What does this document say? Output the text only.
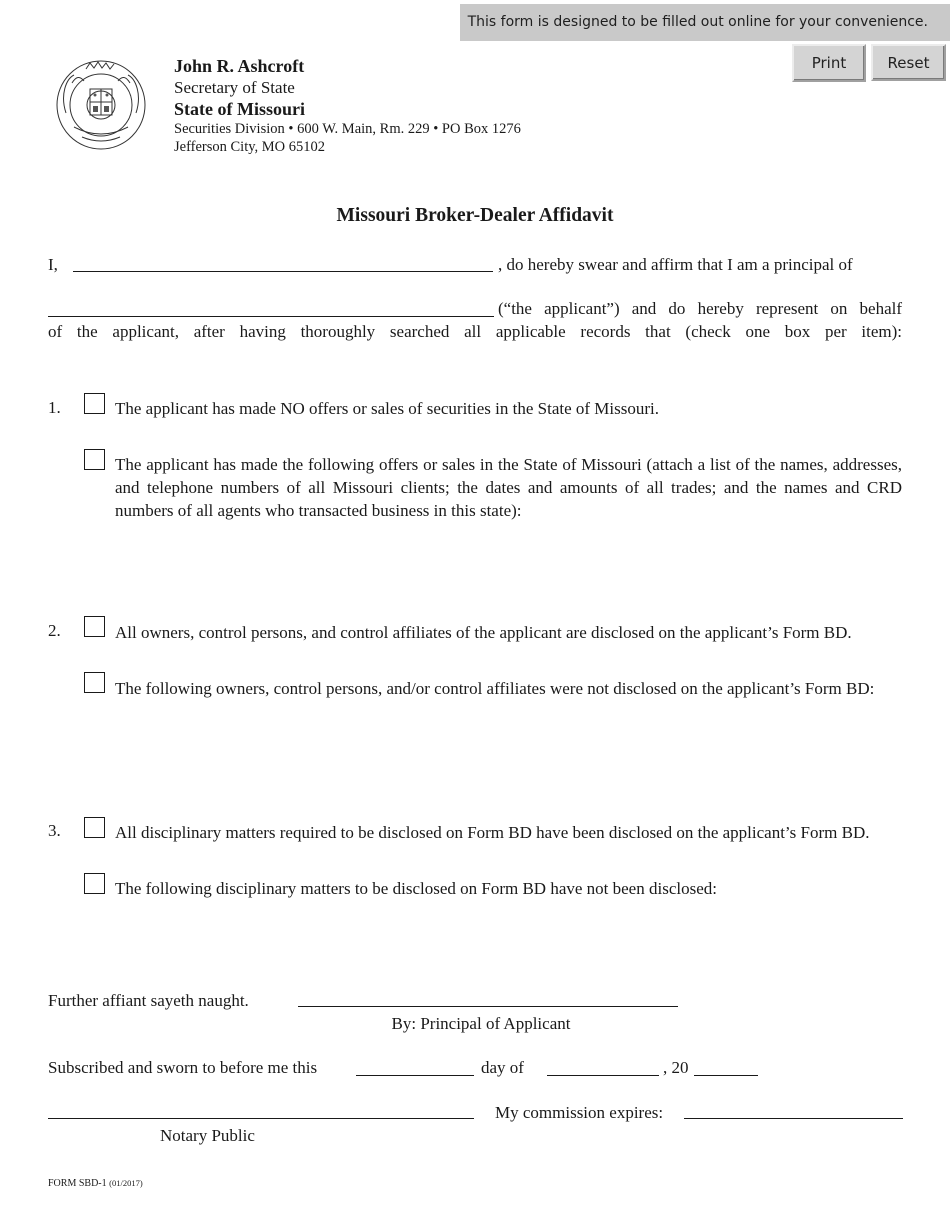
This form is designed to be filled out online for your convenience.
Print	Reset
John R. Ashcroft
Secretary of State
State of Missouri
Securities Division • 600 W. Main, Rm. 229 • PO Box 1276
Jefferson City, MO 65102
Missouri Broker-Dealer Affidavit
I,	, do hereby swear and affirm that I am a principal of
(“the applicant”) and do hereby represent on behalf
of the applicant, after having thoroughly searched all applicable records that (check one box per item):
1.	The applicant has made NO offers or sales of securities in the State of Missouri.
The applicant has made the following offers or sales in the State of Missouri (attach a list of the names, addresses, and telephone numbers of all Missouri clients; the dates and amounts of all trades; and the names and CRD numbers of all agents who transacted business in this state):
2.	All owners, control persons, and control affiliates of the applicant are disclosed on the applicant’s Form BD.
The following owners, control persons, and/or control affiliates were not disclosed on the applicant’s Form BD:
3.	All disciplinary matters required to be disclosed on Form BD have been disclosed on the applicant’s Form BD.
The following disciplinary matters to be disclosed on Form BD have not been disclosed:
Further affiant sayeth naught.
By: Principal of Applicant
Subscribed and sworn to before me this	day of	, 20
My commission expires:
Notary Public
FORM SBD-1 (01/2017)
